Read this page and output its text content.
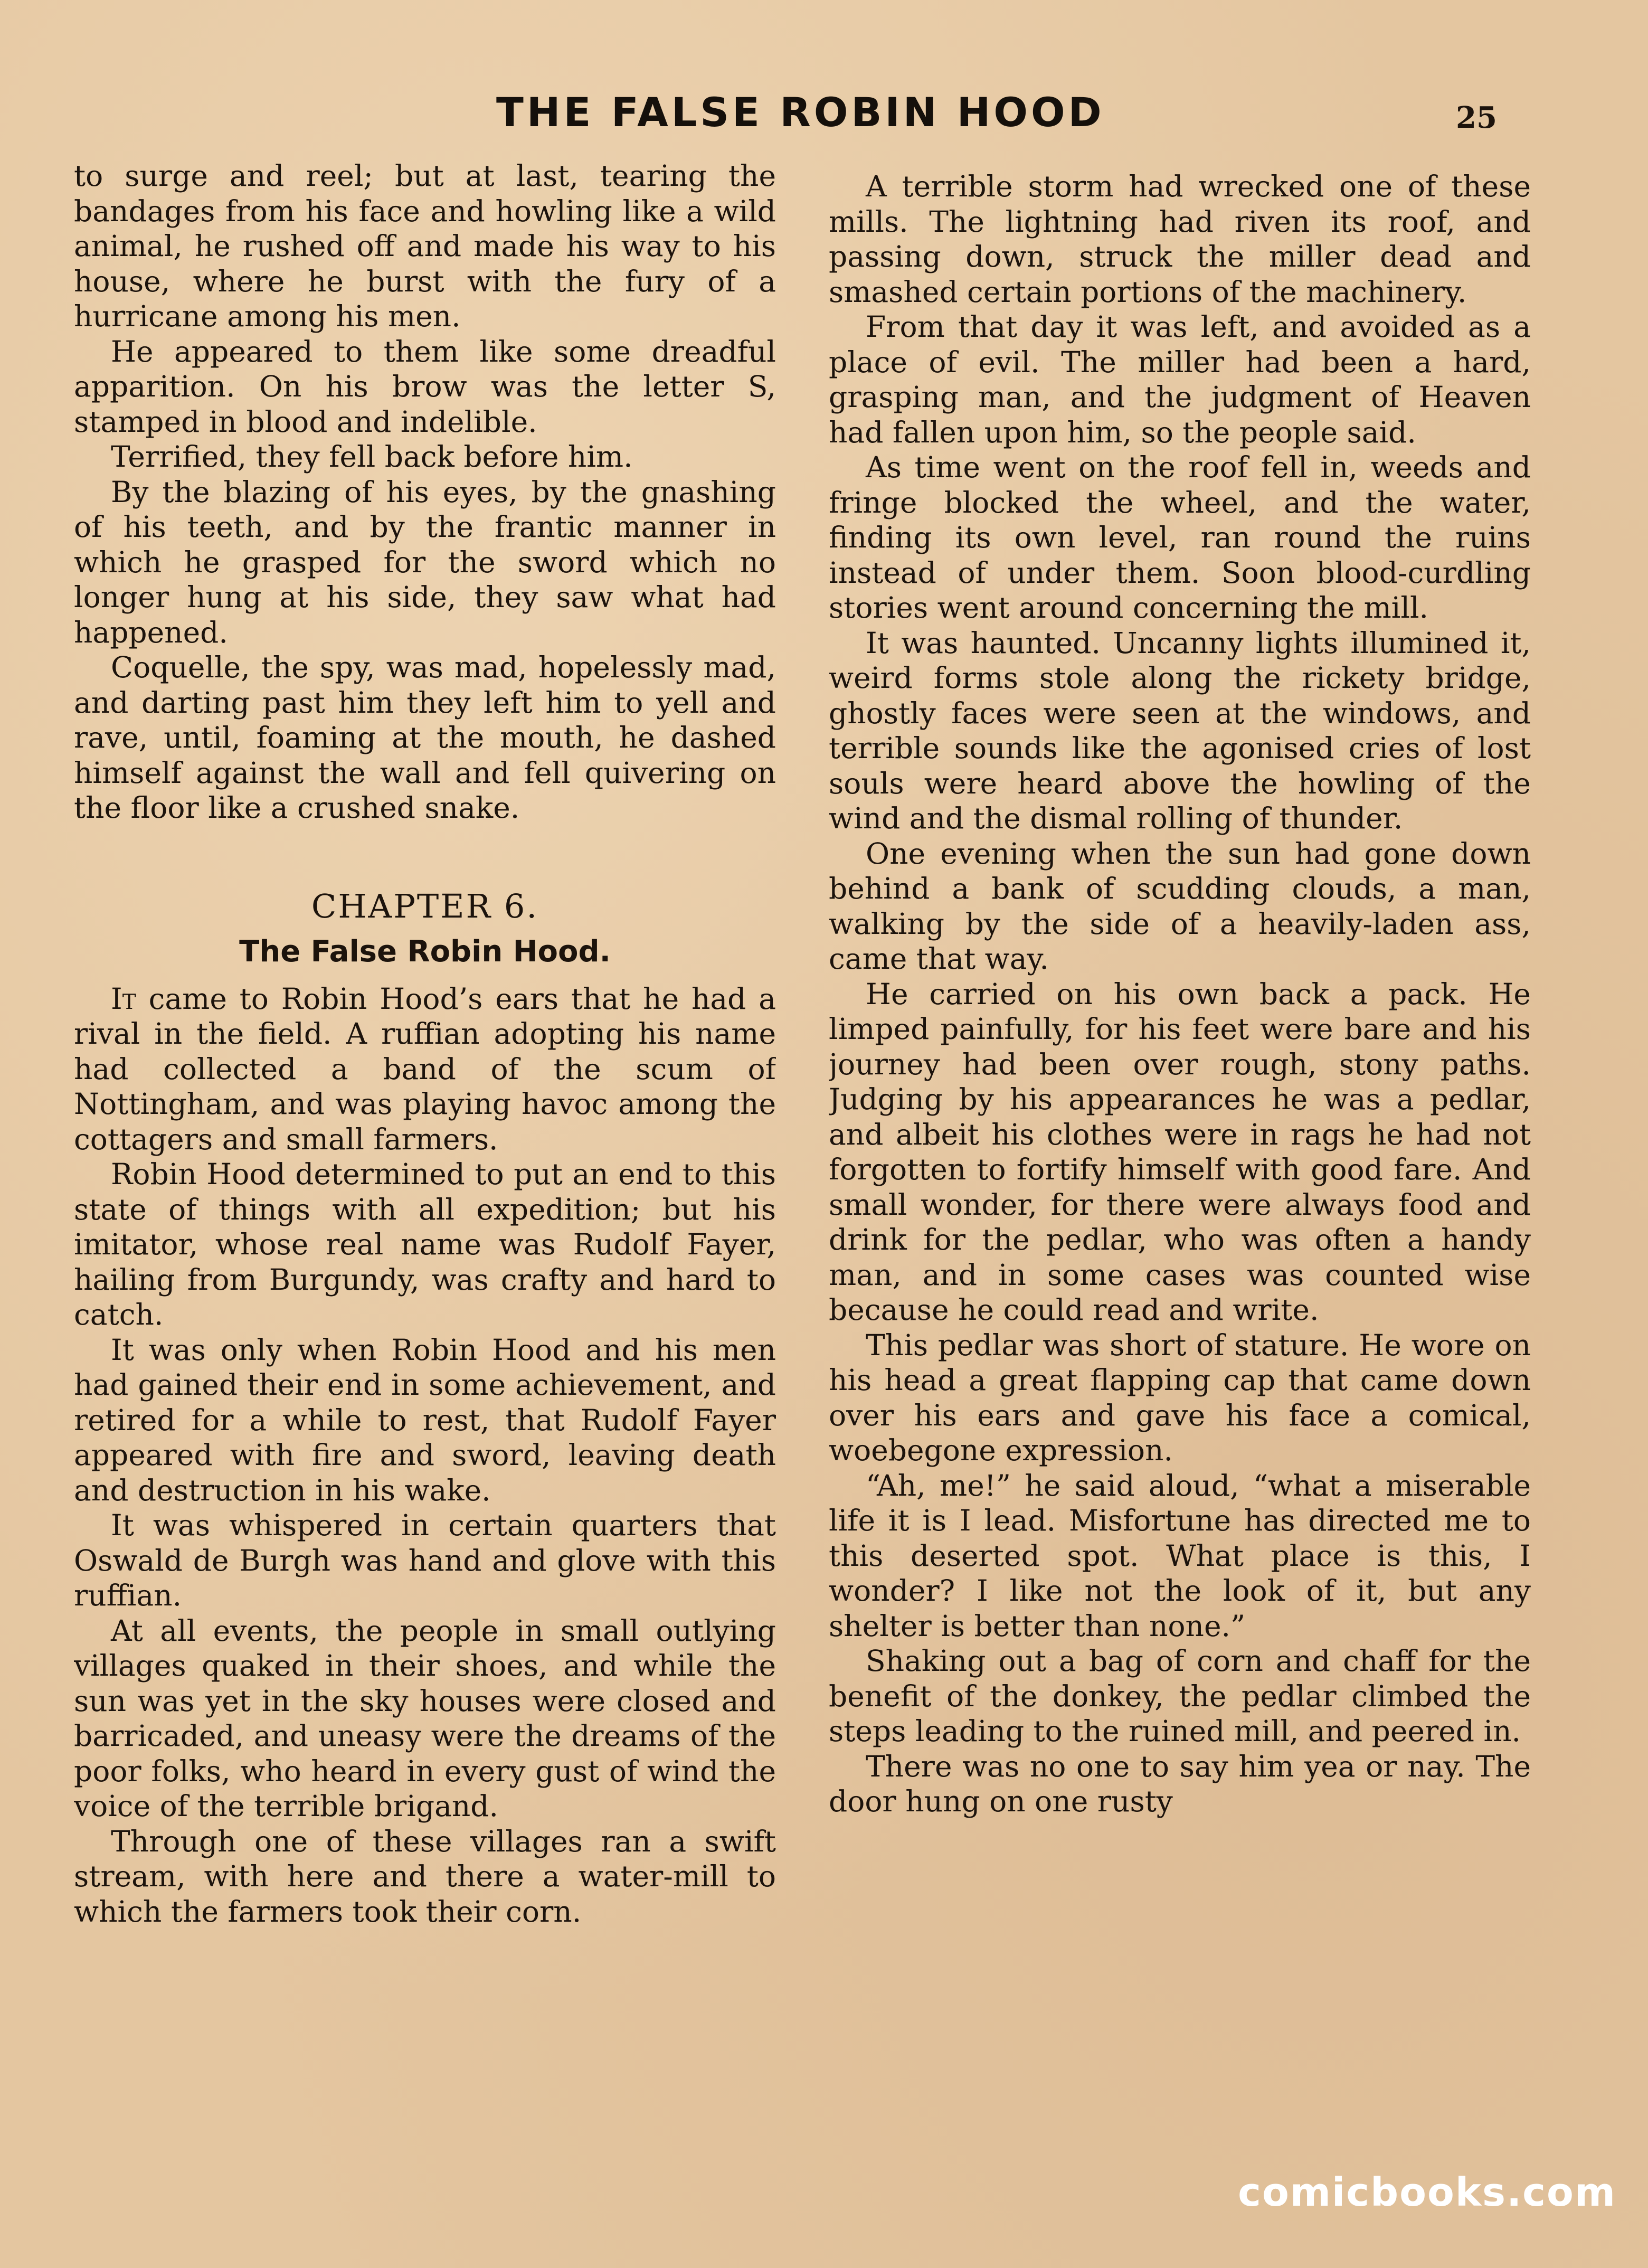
THE FALSE ROBIN HOOD	25

to surge and reel; but at last, tearing the bandages from his face and howling like a wild animal, he rushed off and made his way to his house, where he burst with the fury of a hurricane among his men.

He appeared to them like some dreadful apparition. On his brow was the letter S, stamped in blood and indelible.

Terrified, they fell back before him.

By the blazing of his eyes, by the gnashing of his teeth, and by the frantic manner in which he grasped for the sword which no longer hung at his side, they saw what had happened.

Coquelle, the spy, was mad, hopelessly mad, and darting past him they left him to yell and rave, until, foaming at the mouth, he dashed himself against the wall and fell quivering on the floor like a crushed snake.

CHAPTER 6.
The False Robin Hood.

It came to Robin Hood’s ears that he had a rival in the field. A ruffian adopting his name had collected a band of the scum of Nottingham, and was playing havoc among the cottagers and small farmers.

Robin Hood determined to put an end to this state of things with all expedition; but his imitator, whose real name was Rudolf Fayer, hailing from Burgundy, was crafty and hard to catch.

It was only when Robin Hood and his men had gained their end in some achievement, and retired for a while to rest, that Rudolf Fayer appeared with fire and sword, leaving death and destruction in his wake.

It was whispered in certain quarters that Oswald de Burgh was hand and glove with this ruffian.

At all events, the people in small outlying villages quaked in their shoes, and while the sun was yet in the sky houses were closed and barricaded, and uneasy were the dreams of the poor folks, who heard in every gust of wind the voice of the terrible brigand.

Through one of these villages ran a swift stream, with here and there a water-mill to which the farmers took their corn.

A terrible storm had wrecked one of these mills. The lightning had riven its roof, and passing down, struck the miller dead and smashed certain portions of the machinery.

From that day it was left, and avoided as a place of evil. The miller had been a hard, grasping man, and the judgment of Heaven had fallen upon him, so the people said.

As time went on the roof fell in, weeds and fringe blocked the wheel, and the water, finding its own level, ran round the ruins instead of under them. Soon blood-curdling stories went around concerning the mill.

It was haunted. Uncanny lights illumined it, weird forms stole along the rickety bridge, ghostly faces were seen at the windows, and terrible sounds like the agonised cries of lost souls were heard above the howling of the wind and the dismal rolling of thunder.

One evening when the sun had gone down behind a bank of scudding clouds, a man, walking by the side of a heavily-laden ass, came that way.

He carried on his own back a pack. He limped painfully, for his feet were bare and his journey had been over rough, stony paths. Judging by his appearances he was a pedlar, and albeit his clothes were in rags he had not forgotten to fortify himself with good fare. And small wonder, for there were always food and drink for the pedlar, who was often a handy man, and in some cases was counted wise because he could read and write.

This pedlar was short of stature. He wore on his head a great flapping cap that came down over his ears and gave his face a comical, woebegone expression.

“Ah, me!” he said aloud, “what a miserable life it is I lead. Misfortune has directed me to this deserted spot. What place is this, I wonder? I like not the look of it, but any shelter is better than none.”

Shaking out a bag of corn and chaff for the benefit of the donkey, the pedlar climbed the steps leading to the ruined mill, and peered in.

There was no one to say him yea or nay. The door hung on one rusty

comicbooks.com
